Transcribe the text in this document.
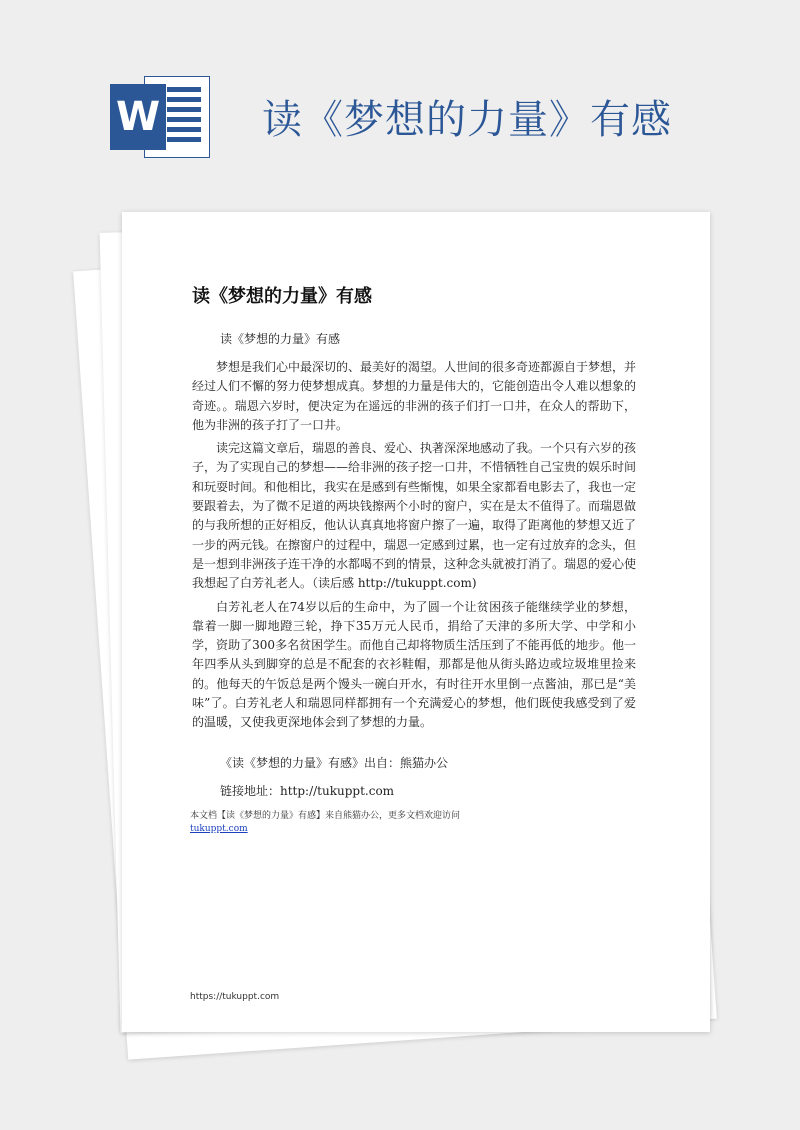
W	读《梦想的力量》有感
读《梦想的力量》有感
读《梦想的力量》有感

梦想是我们心中最深切的、最美好的渴望。人世间的很多奇迹都源自于梦想，并经过人们不懈的努力使梦想成真。梦想的力量是伟大的，它能创造出令人难以想象的奇迹。。瑞恩六岁时，便决定为在遥远的非洲的孩子们打一口井，在众人的帮助下，他为非洲的孩子打了一口井。

读完这篇文章后，瑞恩的善良、爱心、执著深深地感动了我。一个只有六岁的孩子，为了实现自己的梦想——给非洲的孩子挖一口井，不惜牺牲自己宝贵的娱乐时间和玩耍时间。和他相比，我实在是感到有些惭愧，如果全家都看电影去了，我也一定要跟着去，为了微不足道的两块钱擦两个小时的窗户，实在是太不值得了。而瑞恩做的与我所想的正好相反，他认认真真地将窗户擦了一遍，取得了距离他的梦想又近了一步的两元钱。在擦窗户的过程中，瑞恩一定感到过累，也一定有过放弃的念头，但是一想到非洲孩子连干净的水都喝不到的情景，这种念头就被打消了。瑞恩的爱心使我想起了白芳礼老人。（读后感 http://tukuppt.com)

白芳礼老人在74岁以后的生命中，为了圆一个让贫困孩子能继续学业的梦想，靠着一脚一脚地蹬三轮，挣下35万元人民币，捐给了天津的多所大学、中学和小学，资助了300多名贫困学生。而他自己却将物质生活压到了不能再低的地步。他一年四季从头到脚穿的总是不配套的衣衫鞋帽，那都是他从街头路边或垃圾堆里捡来的。他每天的午饭总是两个馒头一碗白开水，有时往开水里倒一点酱油，那已是“美味”了。白芳礼老人和瑞恩同样都拥有一个充满爱心的梦想，他们既使我感受到了爱的温暖，又使我更深地体会到了梦想的力量。

《读《梦想的力量》有感》出自：熊猫办公
链接地址：http://tukuppt.com
本文档【读《梦想的力量》有感】来自熊猫办公，更多文档欢迎访问
tukuppt.com
https://tukuppt.com
